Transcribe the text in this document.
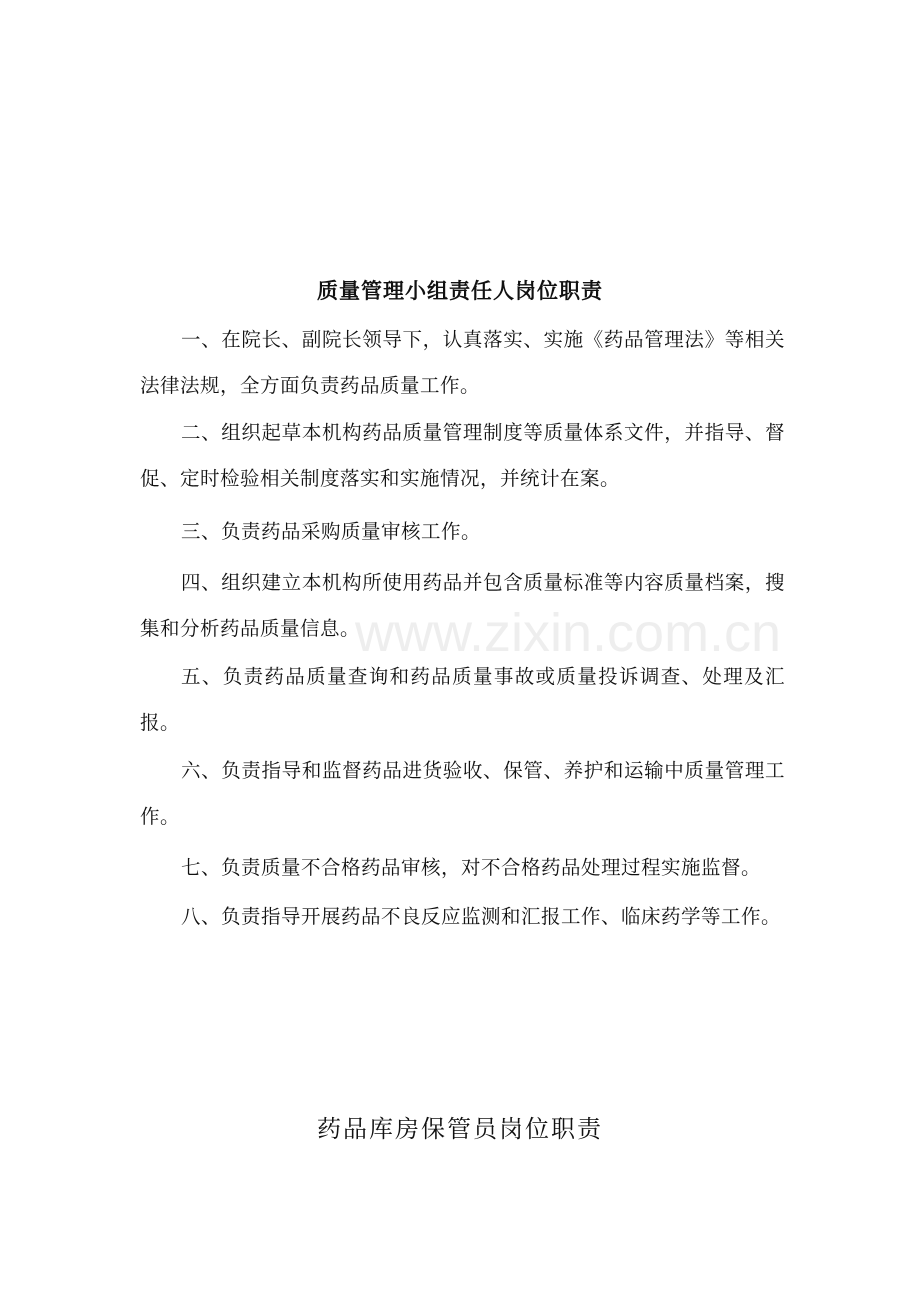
质量管理小组责任人岗位职责

一、在院长、副院长领导下，认真落实、实施《药品管理法》等相关法律法规，全方面负责药品质量工作。

二、组织起草本机构药品质量管理制度等质量体系文件，并指导、督促、定时检验相关制度落实和实施情况，并统计在案。

三、负责药品采购质量审核工作。

四、组织建立本机构所使用药品并包含质量标准等内容质量档案，搜集和分析药品质量信息。

五、负责药品质量查询和药品质量事故或质量投诉调查、处理及汇报。

六、负责指导和监督药品进货验收、保管、养护和运输中质量管理工作。

七、负责质量不合格药品审核，对不合格药品处理过程实施监督。

八、负责指导开展药品不良反应监测和汇报工作、临床药学等工作。

药品库房保管员岗位职责
www.zixin.com.cn
